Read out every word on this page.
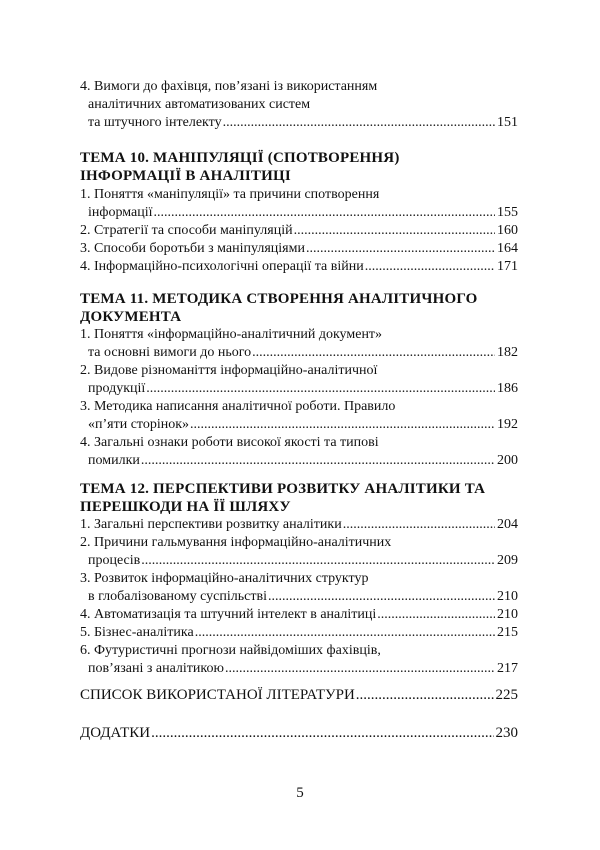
4. Вимоги до фахівця, пов’язані із використанням
аналітичних автоматизованих систем
та штучного інтелекту .....	151
ТЕМА 10. МАНІПУЛЯЦІЇ (СПОТВОРЕННЯ)
ІНФОРМАЦІЇ В АНАЛІТИЦІ
1. Поняття «маніпуляції» та причини спотворення
інформації .....	155
2. Стратегії та способи маніпуляцій .....	160
3. Способи боротьби з маніпуляціями .....	164
4. Інформаційно-психологічні операції та війни .....	171
ТЕМА 11. МЕТОДИКА СТВОРЕННЯ АНАЛІТИЧНОГО
ДОКУМЕНТА
1. Поняття «інформаційно-аналітичний документ»
та основні вимоги до нього .....	182
2. Видове різноманіття інформаційно-аналітичної
продукції .....	186
3. Методика написання аналітичної роботи. Правило
«п’яти сторінок» .....	192
4. Загальні ознаки роботи високої якості та типові
помилки .....	200
ТЕМА 12. ПЕРСПЕКТИВИ РОЗВИТКУ АНАЛІТИКИ ТА
ПЕРЕШКОДИ НА ЇЇ ШЛЯХУ
1. Загальні перспективи розвитку аналітики .....	204
2. Причини гальмування інформаційно-аналітичних
процесів .....	209
3. Розвиток інформаційно-аналітичних структур
в глобалізованому суспільстві .....	210
4. Автоматизація та штучний інтелект в аналітиці .....	210
5. Бізнес-аналітика .....	215
6. Футуристичні прогнози найвідоміших фахівців,
пов’язані з аналітикою .....	217
СПИСОК ВИКОРИСТАНОЇ ЛІТЕРАТУРИ .....	225
ДОДАТКИ .....	230
5
